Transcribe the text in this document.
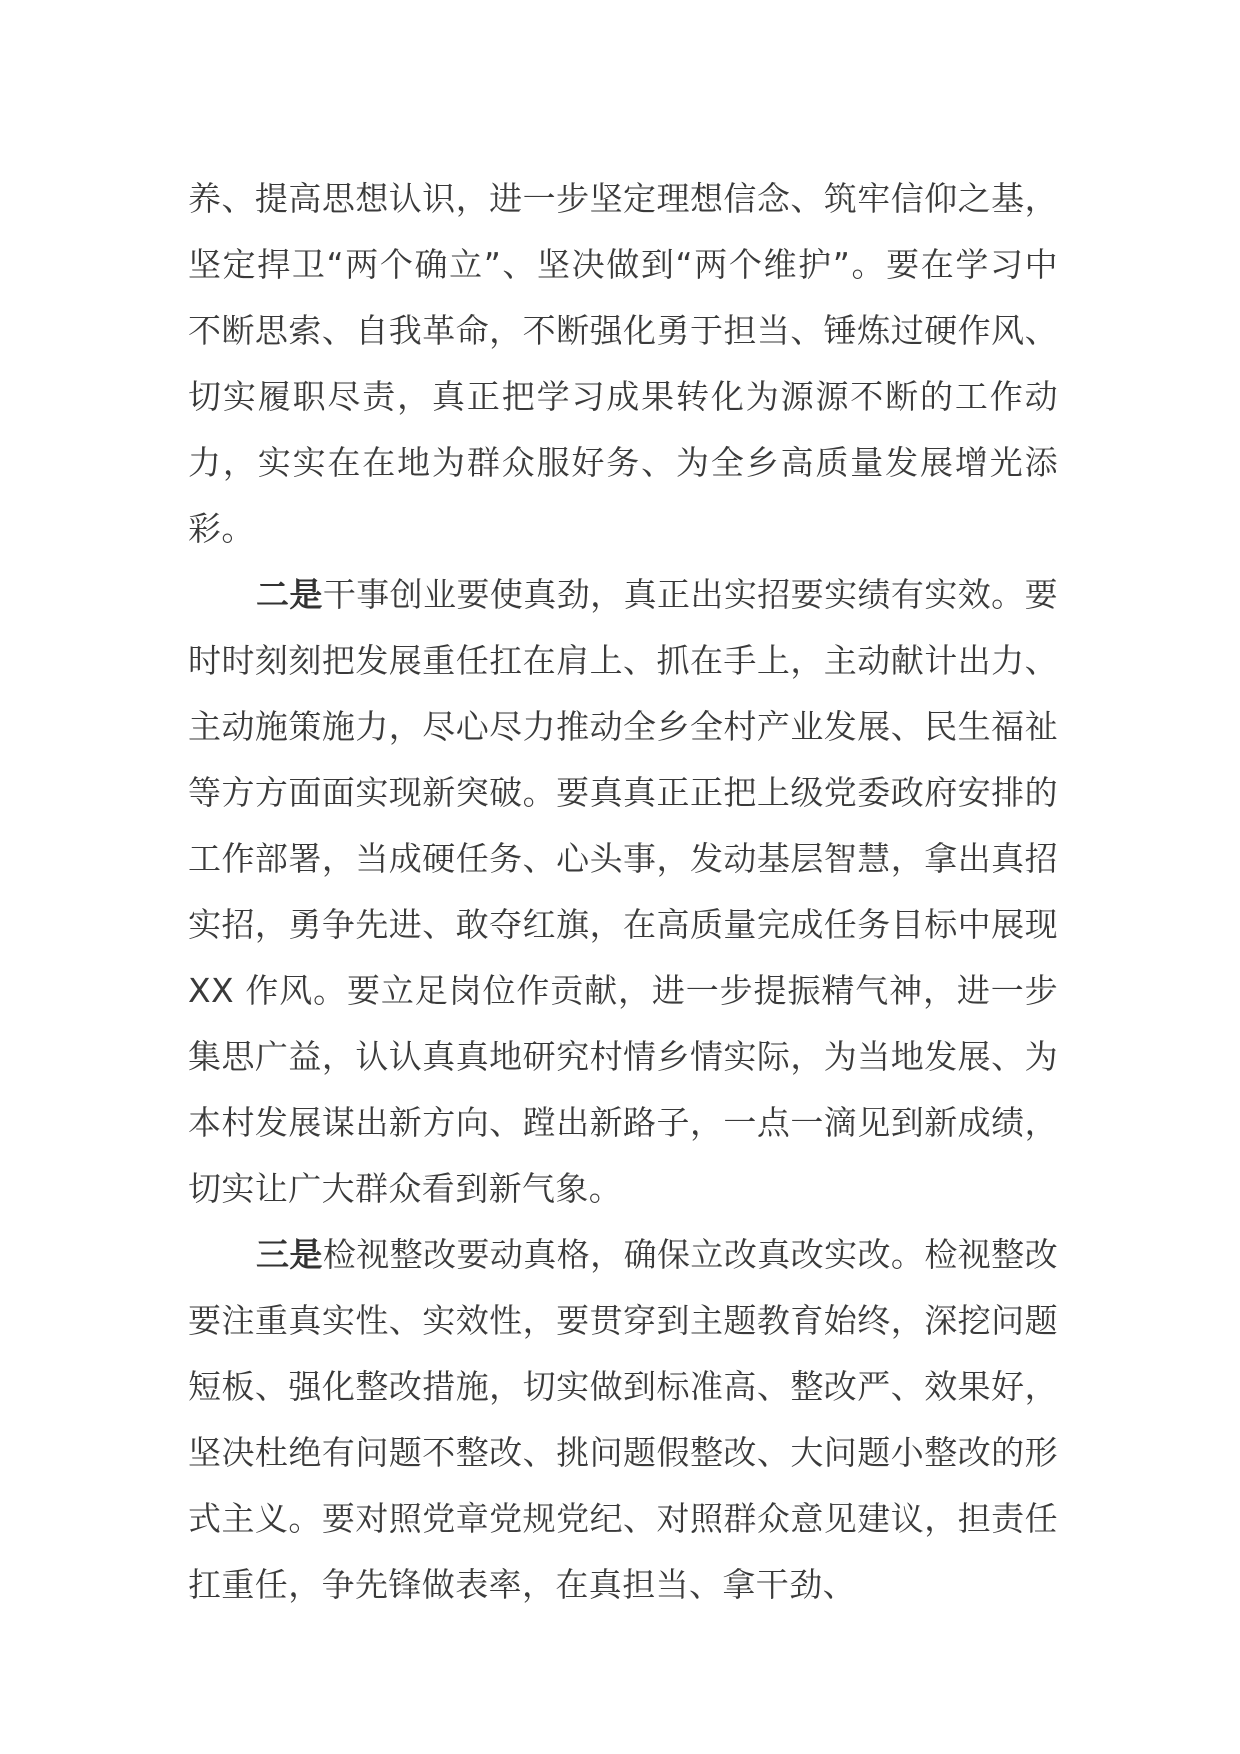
养、提高思想认识，进一步坚定理想信念、筑牢信仰之基，坚定捍卫“两个确立”、坚决做到“两个维护”。要在学习中不断思索、自我革命，不断强化勇于担当、锤炼过硬作风、切实履职尽责，真正把学习成果转化为源源不断的工作动力，实实在在地为群众服好务、为全乡高质量发展增光添彩。

二是干事创业要使真劲，真正出实招要实绩有实效。要时时刻刻把发展重任扛在肩上、抓在手上，主动献计出力、主动施策施力，尽心尽力推动全乡全村产业发展、民生福祉等方方面面实现新突破。要真真正正把上级党委政府安排的工作部署，当成硬任务、心头事，发动基层智慧，拿出真招实招，勇争先进、敢夺红旗，在高质量完成任务目标中展现 XX 作风。要立足岗位作贡献，进一步提振精气神，进一步集思广益，认认真真地研究村情乡情实际，为当地发展、为本村发展谋出新方向、蹚出新路子，一点一滴见到新成绩，切实让广大群众看到新气象。

三是检视整改要动真格，确保立改真改实改。检视整改要注重真实性、实效性，要贯穿到主题教育始终，深挖问题短板、强化整改措施，切实做到标准高、整改严、效果好，坚决杜绝有问题不整改、挑问题假整改、大问题小整改的形式主义。要对照党章党规党纪、对照群众意见建议，担责任扛重任，争先锋做表率，在真担当、拿干劲、
